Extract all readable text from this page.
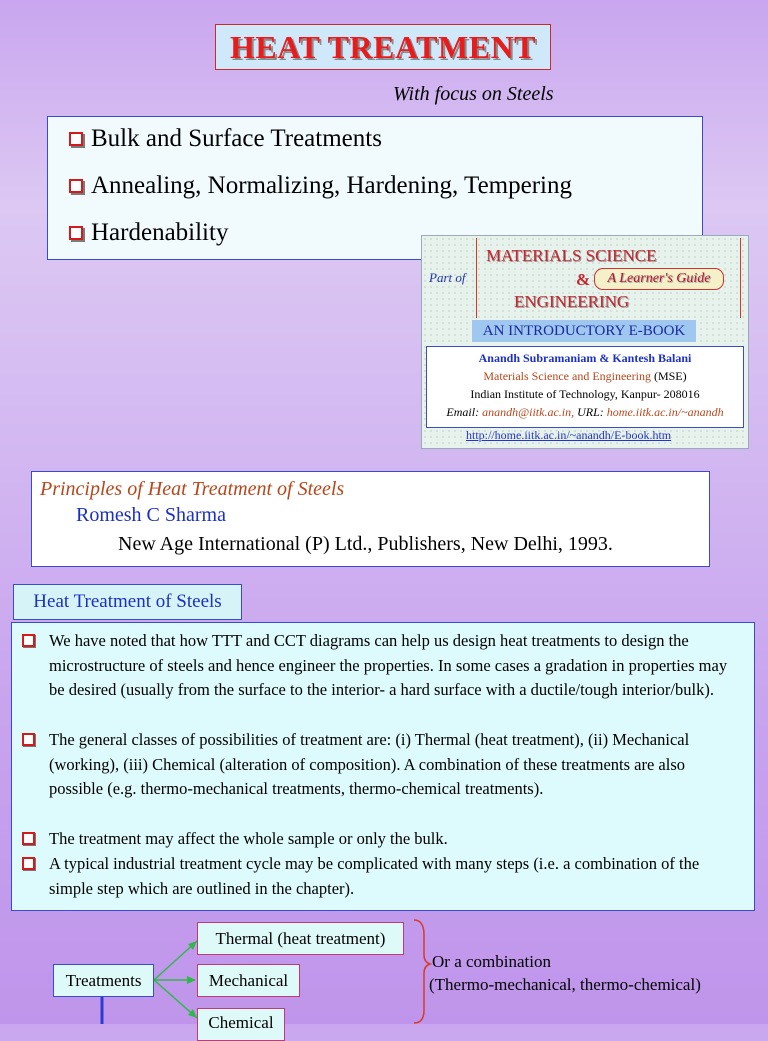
HEAT TREATMENT
With focus on Steels
Bulk and Surface Treatments
Annealing, Normalizing, Hardening, Tempering
Hardenability
Part of
MATERIALS SCIENCE
&	A Learner's Guide
ENGINEERING
AN INTRODUCTORY E-BOOK
Anandh Subramaniam & Kantesh Balani
Materials Science and Engineering (MSE)
Indian Institute of Technology, Kanpur- 208016
Email: anandh@iitk.ac.in, URL: home.iitk.ac.in/~anandh
http://home.iitk.ac.in/~anandh/E-book.htm
Principles of Heat Treatment of Steels
Romesh C Sharma
New Age International (P) Ltd., Publishers, New Delhi, 1993.
Heat Treatment of Steels
We have noted that how TTT and CCT diagrams can help us design heat treatments to design the microstructure of steels and hence engineer the properties. In some cases a gradation in properties may be desired (usually from the surface to the interior- a hard surface with a ductile/tough interior/bulk).
The general classes of possibilities of treatment are: (i) Thermal (heat treatment), (ii) Mechanical (working), (iii) Chemical (alteration of composition). A combination of these treatments are also possible (e.g. thermo-mechanical treatments, thermo-chemical treatments).
The treatment may affect the whole sample or only the bulk.
A typical industrial treatment cycle may be complicated with many steps (i.e. a combination of the simple step which are outlined in the chapter).
Treatments
Thermal (heat treatment)
Mechanical
Chemical
Or a combination
(Thermo-mechanical, thermo-chemical)
